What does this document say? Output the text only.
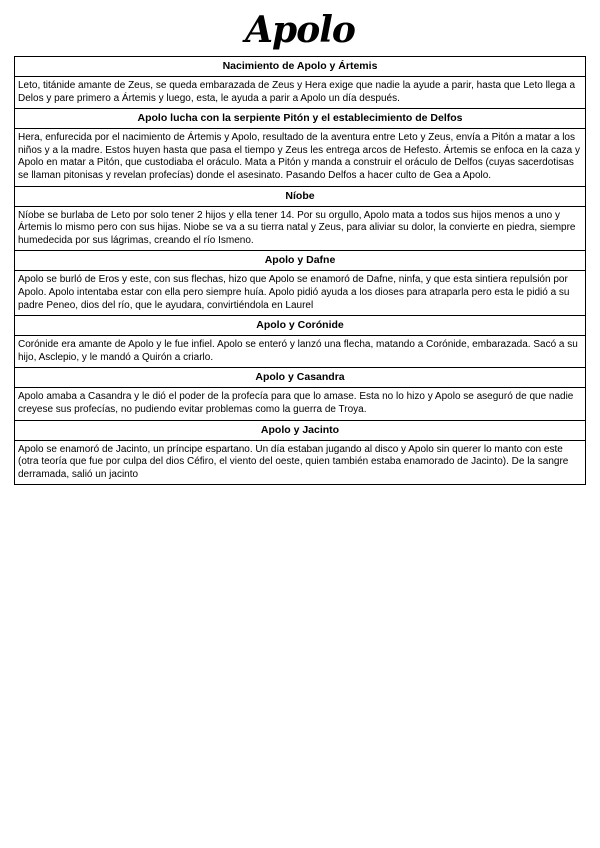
Apolo
Nacimiento de Apolo y Ártemis
Leto, titánide amante de Zeus, se queda embarazada de Zeus y Hera exige que nadie la ayude a parir, hasta que Leto llega a Delos y pare primero a Ártemis y luego, esta, le ayuda a parir a Apolo un día después.
Apolo lucha con la serpiente Pitón y el establecimiento de Delfos
Hera, enfurecida por el nacimiento de Ártemis y Apolo, resultado de la aventura entre Leto y Zeus, envía a Pitón a matar a los niños y a la madre. Estos huyen hasta que pasa el tiempo y Zeus les entrega arcos de Hefesto. Ártemis se enfoca en la caza y Apolo en matar a Pitón, que custodiaba el oráculo. Mata a Pitón y manda a construir el oráculo de Delfos (cuyas sacerdotisas se llaman pitonisas y revelan profecías) donde el asesinato. Pasando Delfos a hacer culto de Gea a Apolo.
Níobe
Níobe se burlaba de Leto por solo tener 2 hijos y ella tener 14. Por su orgullo, Apolo mata a todos sus hijos menos a uno y Ártemis lo mismo pero con sus hijas. Niobe se va a su tierra natal y Zeus, para aliviar su dolor, la convierte en piedra, siempre humedecida por sus lágrimas, creando el río Ismeno.
Apolo y Dafne
Apolo se burló de Eros y este, con sus flechas, hizo que Apolo se enamoró de Dafne, ninfa, y que esta sintiera repulsión por Apolo. Apolo intentaba estar con ella pero siempre huía. Apolo pidió ayuda a los dioses para atraparla pero esta le pidió a su padre Peneo, dios del río, que le ayudara, convirtiéndola en Laurel
Apolo y Corónide
Corónide era amante de Apolo y le fue infiel. Apolo se enteró y lanzó una flecha, matando a Corónide, embarazada. Sacó a su hijo, Asclepio, y le mandó a Quirón a criarlo.
Apolo y Casandra
Apolo amaba a Casandra y le dió el poder de la profecía para que lo amase. Esta no lo hizo y Apolo se aseguró de que nadie creyese sus profecías, no pudiendo evitar problemas como la guerra de Troya.
Apolo y Jacinto
Apolo se enamoró de Jacinto, un príncipe espartano. Un día estaban jugando al disco y Apolo sin querer lo manto con este (otra teoría que fue por culpa del dios Céfiro, el viento del oeste, quien también estaba enamorado de Jacinto). De la sangre derramada, salió un jacinto
